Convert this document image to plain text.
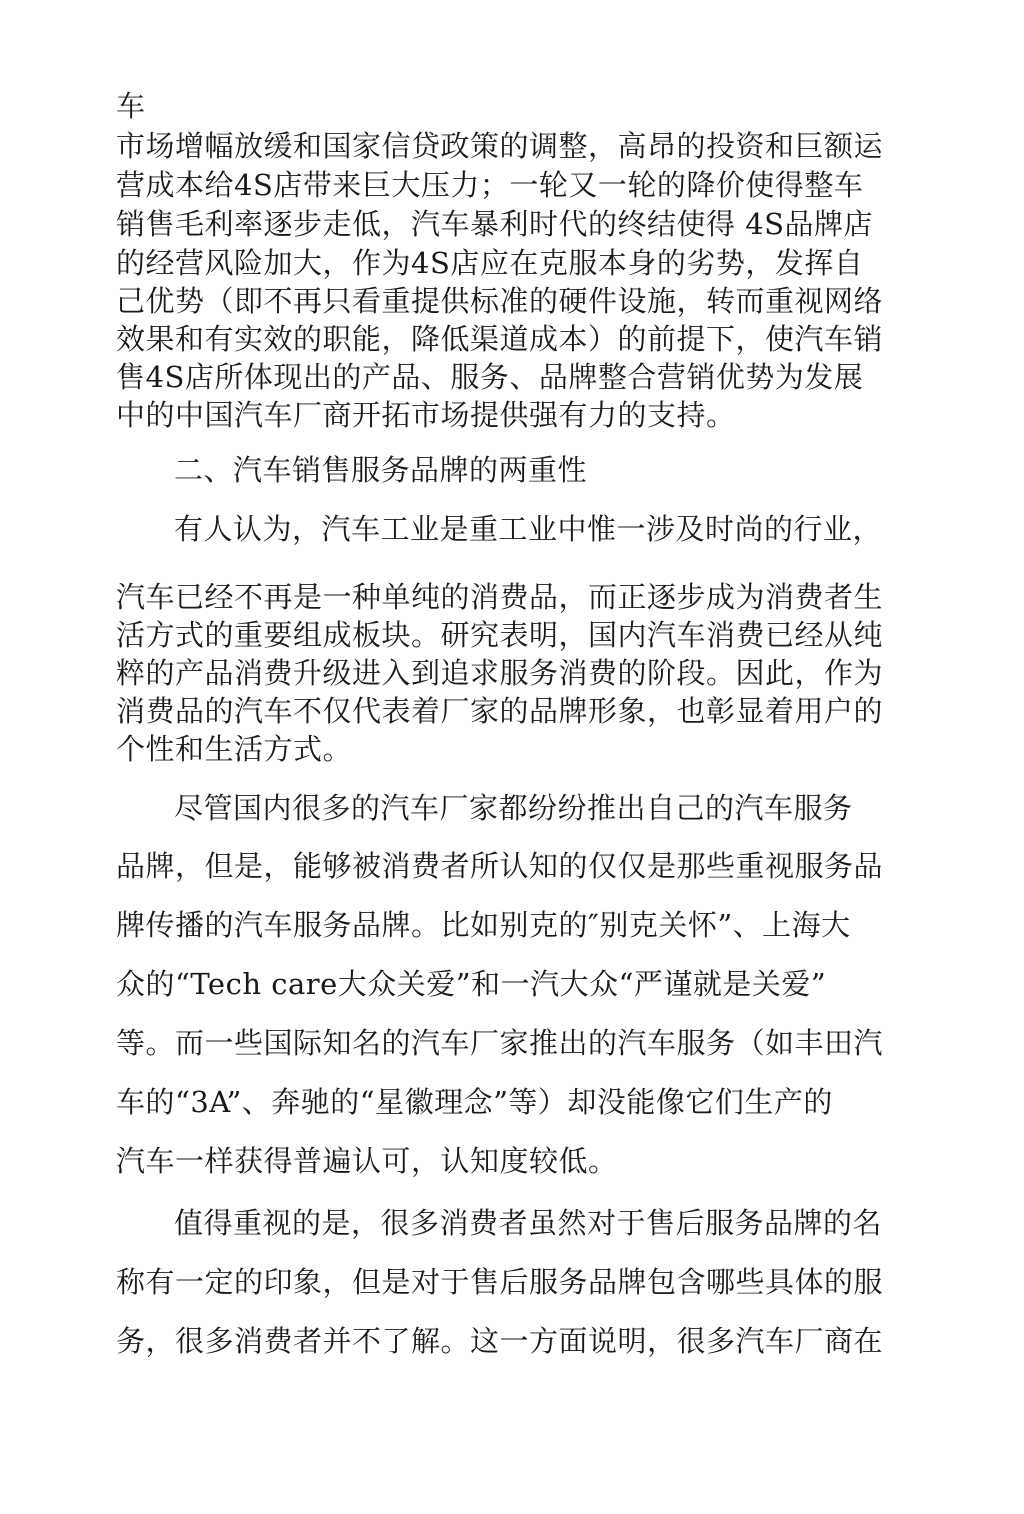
车
市场增幅放缓和国家信贷政策的调整，高昂的投资和巨额运
营成本给4S店带来巨大压力；一轮又一轮的降价使得整车
销售毛利率逐步走低，汽车暴利时代的终结使得 4S品牌店
的经营风险加大，作为4S店应在克服本身的劣势，发挥自
己优势（即不再只看重提供标准的硬件设施，转而重视网络
效果和有实效的职能，降低渠道成本）的前提下，使汽车销
售4S店所体现出的产品、服务、品牌整合营销优势为发展
中的中国汽车厂商开拓市场提供强有力的支持。
二、汽车销售服务品牌的两重性
有人认为，汽车工业是重工业中惟一涉及时尚的行业，
汽车已经不再是一种单纯的消费品，而正逐步成为消费者生
活方式的重要组成板块。研究表明，国内汽车消费已经从纯
粹的产品消费升级进入到追求服务消费的阶段。因此，作为
消费品的汽车不仅代表着厂家的品牌形象，也彰显着用户的
个性和生活方式。
尽管国内很多的汽车厂家都纷纷推出自己的汽车服务
品牌，但是，能够被消费者所认知的仅仅是那些重视服务品
牌传播的汽车服务品牌。比如别克的″别克关怀”、上海大
众的“Tech care大众关爱”和一汽大众“严谨就是关爱”
等。而一些国际知名的汽车厂家推出的汽车服务（如丰田汽
车的“3A”、奔驰的“星徽理念”等）却没能像它们生产的
汽车一样获得普遍认可，认知度较低。
值得重视的是，很多消费者虽然对于售后服务品牌的名
称有一定的印象，但是对于售后服务品牌包含哪些具体的服
务，很多消费者并不了解。这一方面说明，很多汽车厂商在
